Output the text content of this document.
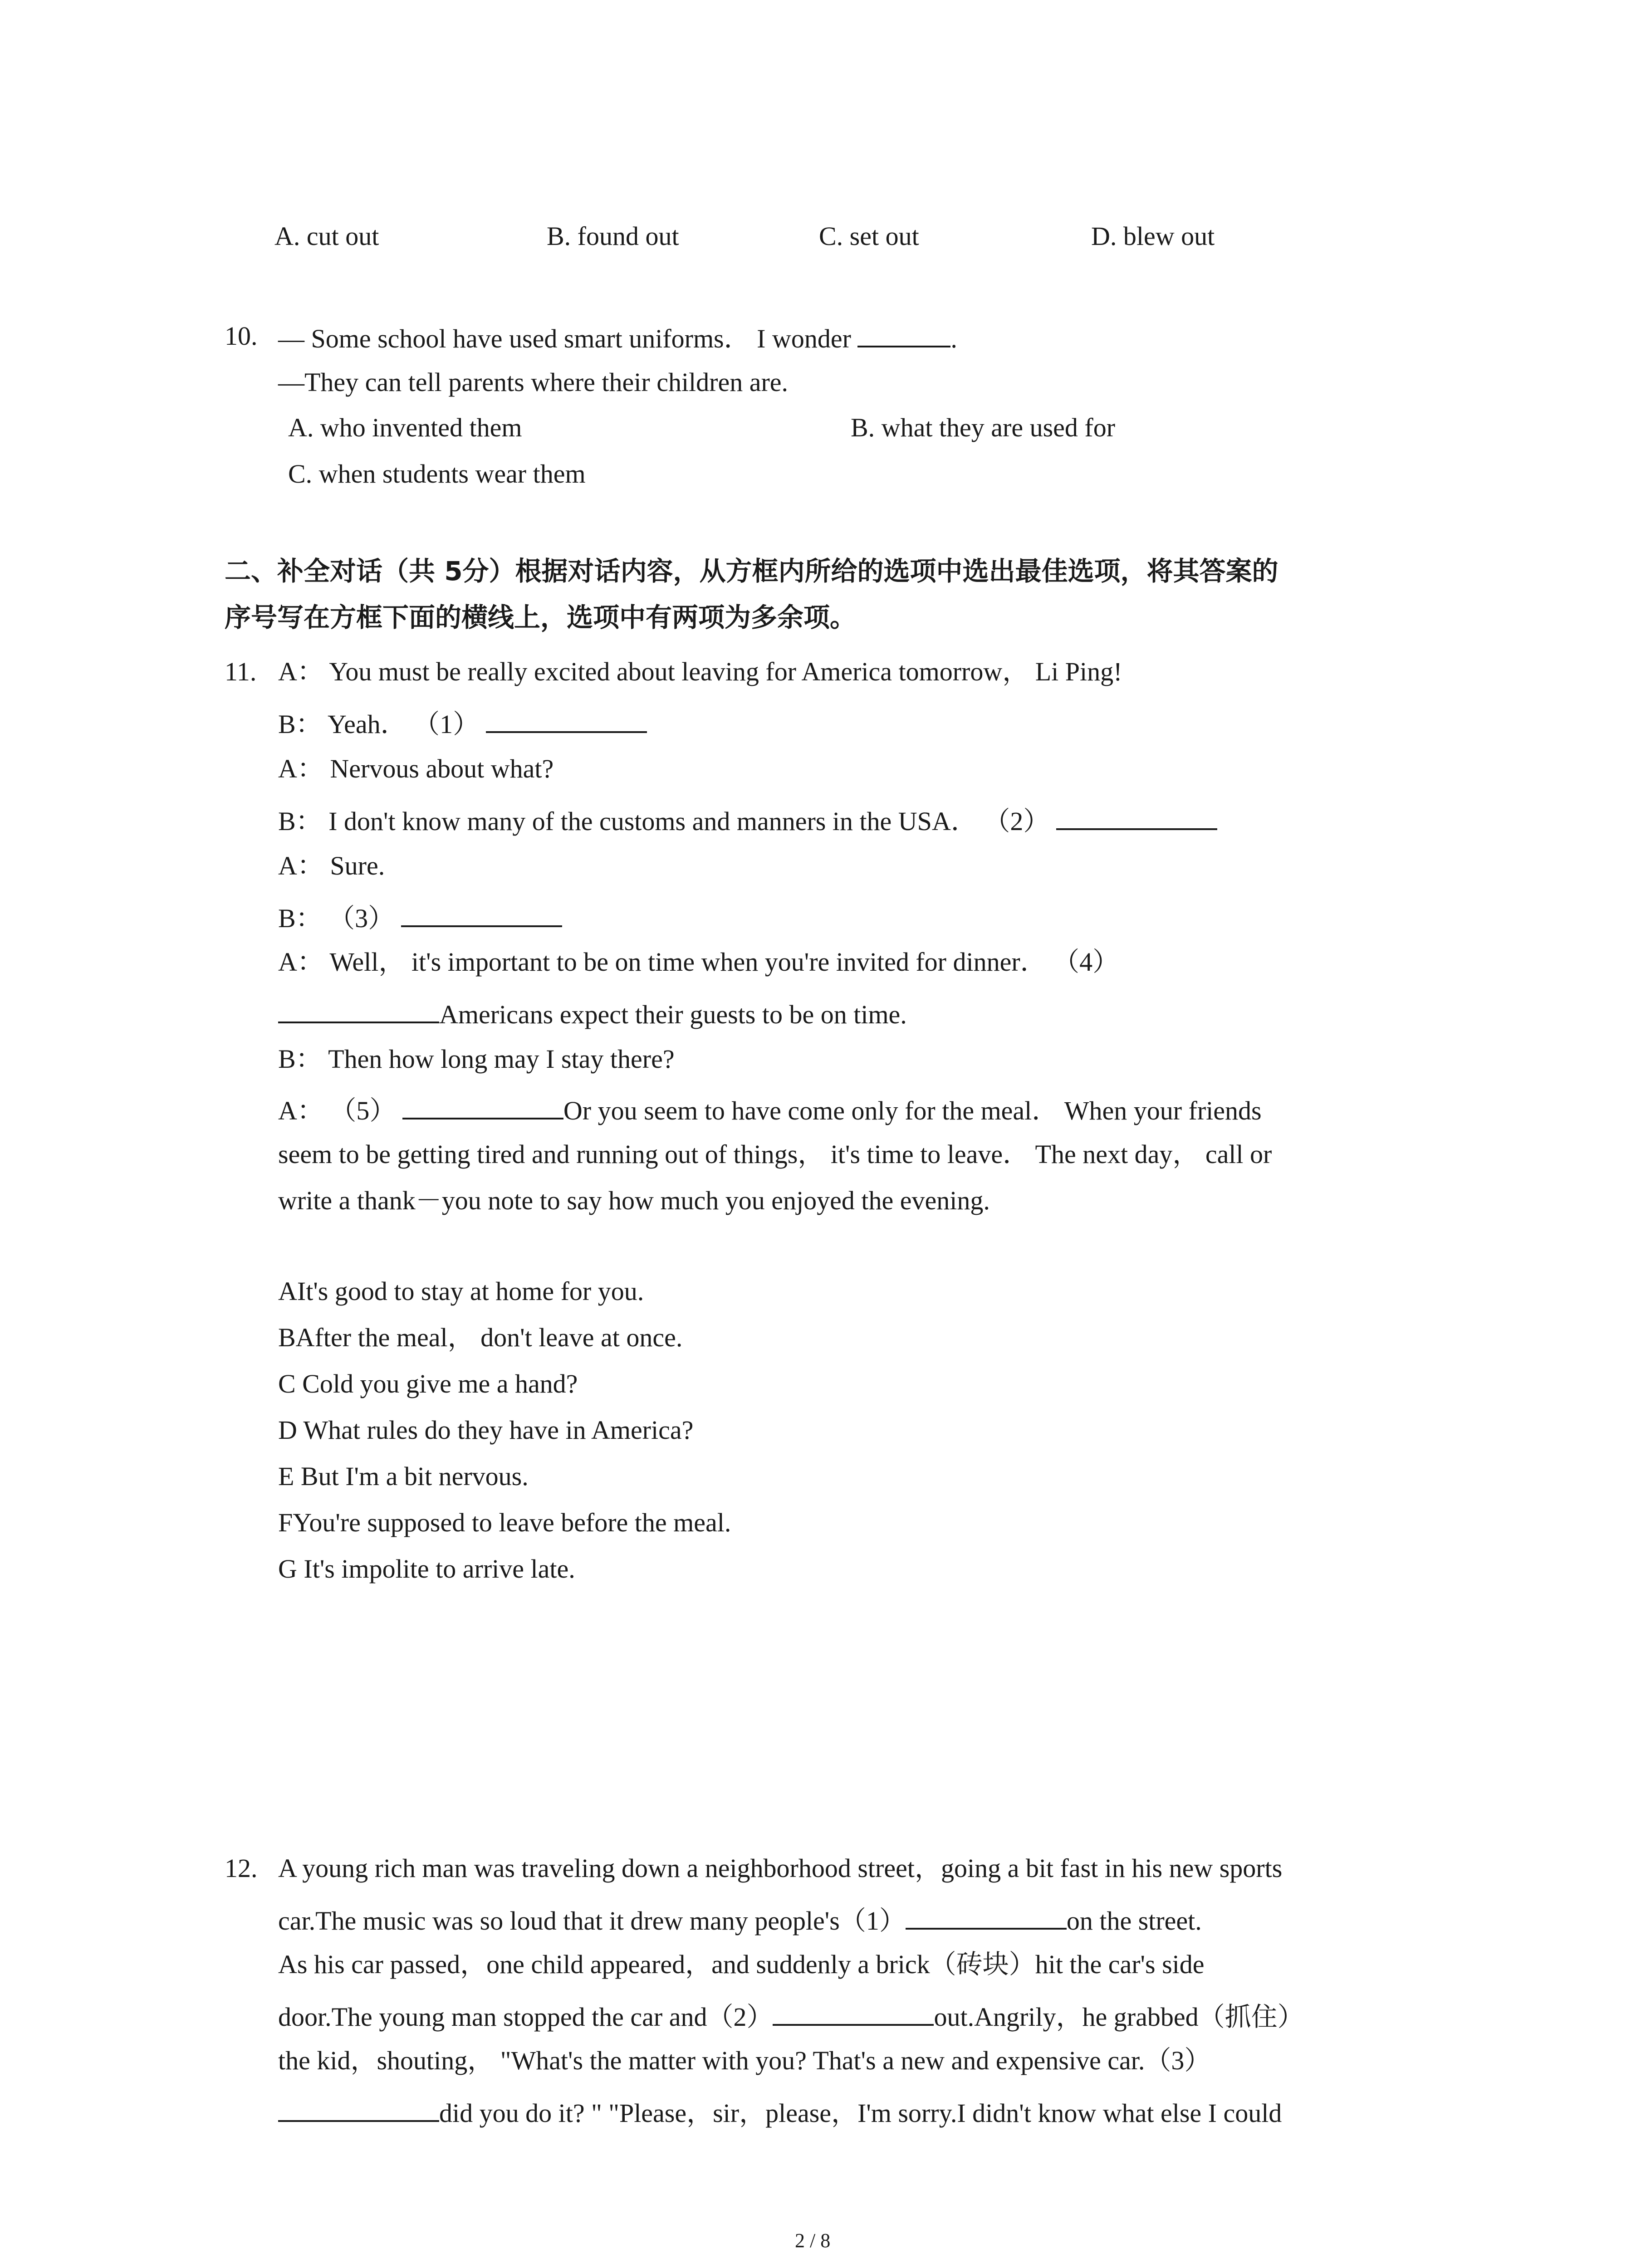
A. cut out	B. found out	C. set out	D. blew out
10. — Some school have used smart uniforms． I wonder	.
—They can tell parents where their children are.
A. who invented them	B. what they are used for
C. when students wear them
二、补全对话（共 5分）根据对话内容，从方框内所给的选项中选出最佳选项，将其答案的
序号写在方框下面的横线上，选项中有两项为多余项。
11. A： You must be really excited about leaving for America tomorrow， Li Ping!
B： Yeah． （1）
A： Nervous about what?
B： I don't know many of the customs and manners in the USA． （2）
A： Sure.
B： （3）
A： Well， it's important to be on time when you're invited for dinner． （4）
Americans expect their guests to be on time.
B： Then how long may I stay there?
A： （5）	Or you seem to have come only for the meal． When your friends
seem to be getting tired and running out of things， it's time to leave． The next day， call or
write a thank－you note to say how much you enjoyed the evening.
AIt's good to stay at home for you.
BAfter the meal， don't leave at once.
C Cold you give me a hand?
D What rules do they have in America?
E But I'm a bit nervous.
FYou're supposed to leave before the meal.
G It's impolite to arrive late.
12. A young rich man was traveling down a neighborhood street，going a bit fast in his new sports
car.The music was so loud that it drew many people's（1）	on the street.
As his car passed，one child appeared，and suddenly a brick（砖块）hit the car's side
door.The young man stopped the car and（2）	out.Angrily，he grabbed（抓住）
the kid，shouting， "What's the matter with you? That's a new and expensive car.（3）
did you do it? " "Please，sir，please，I'm sorry.I didn't know what else I could
2 / 8
